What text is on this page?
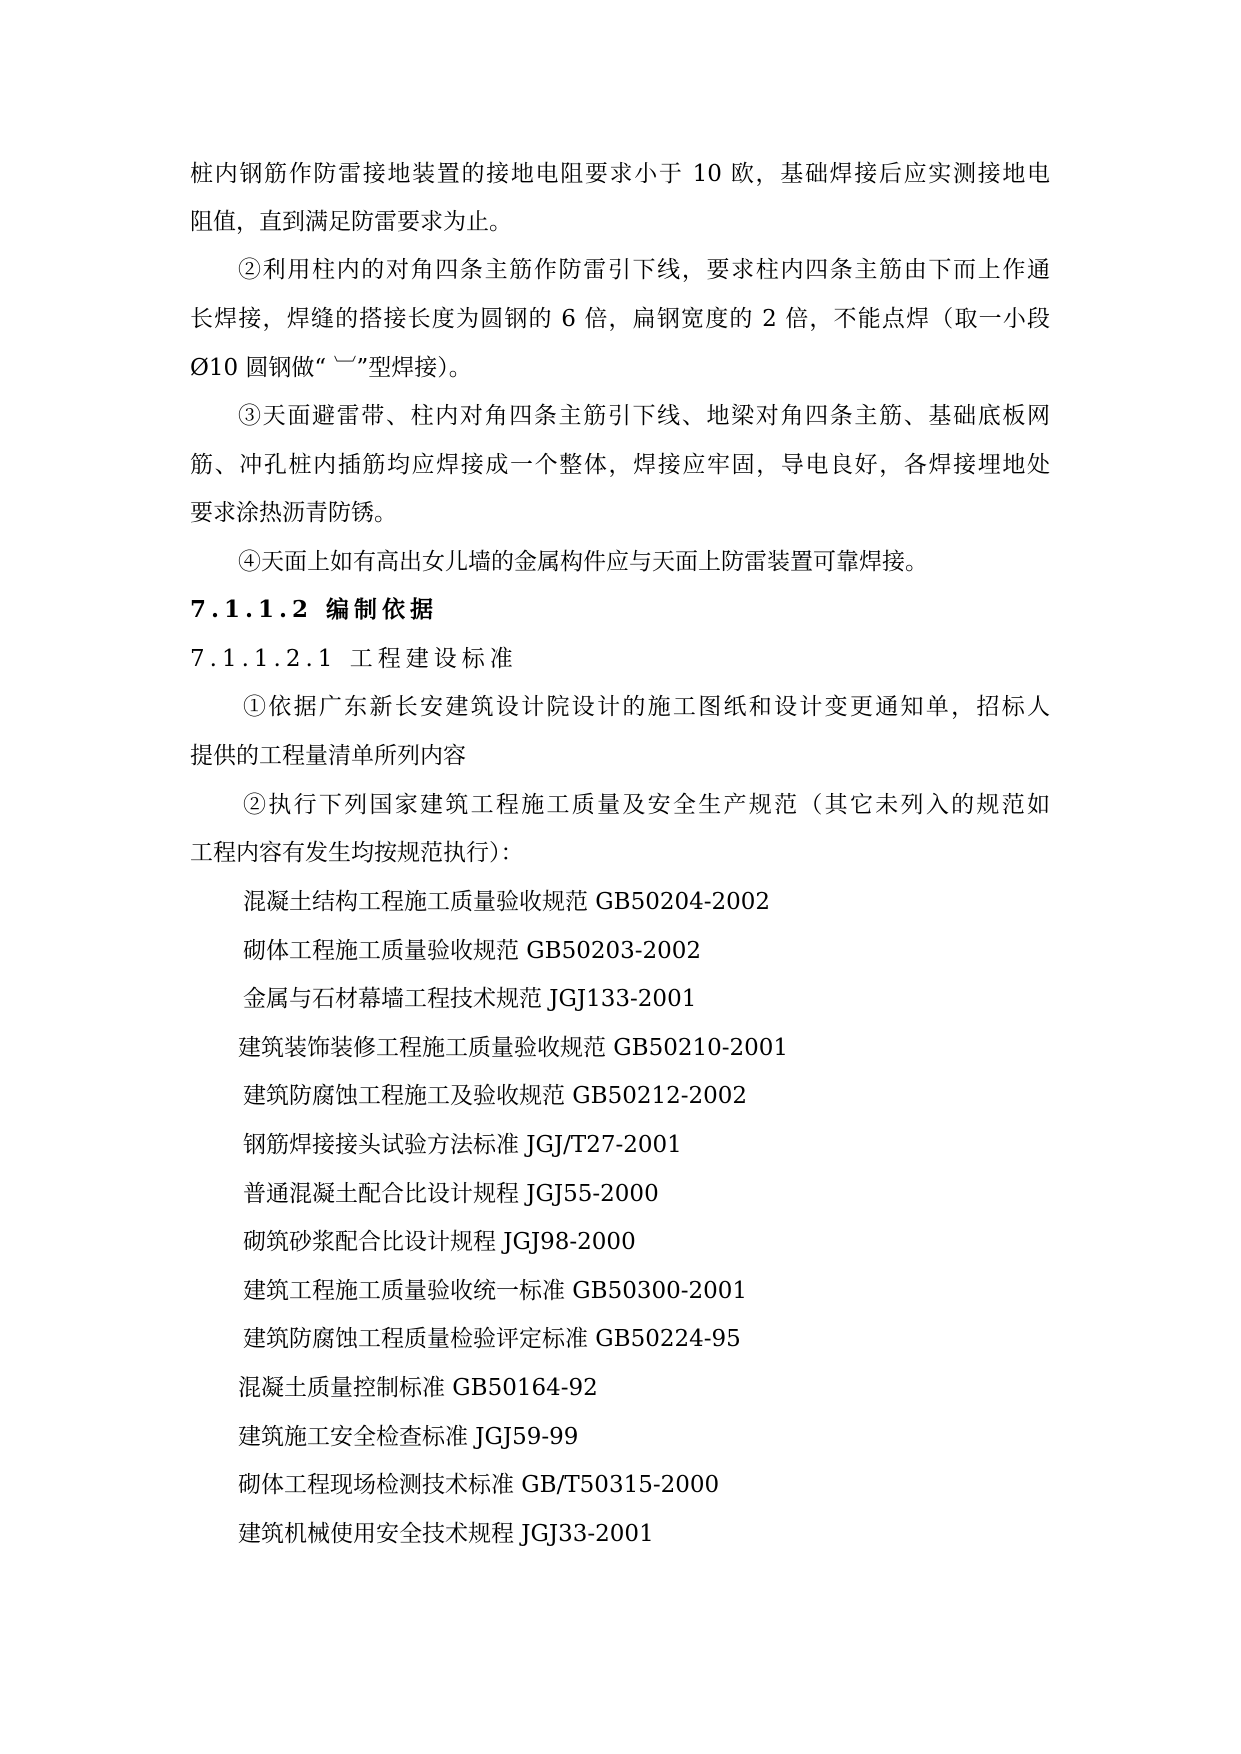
桩内钢筋作防雷接地装置的接地电阻要求小于 10 欧，基础焊接后应实测接地电
阻值，直到满足防雷要求为止。
②利用柱内的对角四条主筋作防雷引下线，要求柱内四条主筋由下而上作通
长焊接，焊缝的搭接长度为圆钢的 6 倍，扁钢宽度的 2 倍，不能点焊（取一小段
Ø10 圆钢做“ ︺”型焊接）。
③天面避雷带、柱内对角四条主筋引下线、地梁对角四条主筋、基础底板网
筋、冲孔桩内插筋均应焊接成一个整体，焊接应牢固，导电良好，各焊接埋地处
要求涂热沥青防锈。
④天面上如有高出女儿墙的金属构件应与天面上防雷装置可靠焊接。
7.1.1.2 编制依据
7.1.1.2.1 工程建设标准
①依据广东新长安建筑设计院设计的施工图纸和设计变更通知单，招标人
提供的工程量清单所列内容
②执行下列国家建筑工程施工质量及安全生产规范（其它未列入的规范如
工程内容有发生均按规范执行）：
混凝土结构工程施工质量验收规范 GB50204-2002
砌体工程施工质量验收规范 GB50203-2002
金属与石材幕墙工程技术规范 JGJ133-2001
建筑装饰装修工程施工质量验收规范 GB50210-2001
建筑防腐蚀工程施工及验收规范 GB50212-2002
钢筋焊接接头试验方法标准 JGJ/T27-2001
普通混凝土配合比设计规程 JGJ55-2000
砌筑砂浆配合比设计规程 JGJ98-2000
建筑工程施工质量验收统一标准 GB50300-2001
建筑防腐蚀工程质量检验评定标准 GB50224-95
混凝土质量控制标准 GB50164-92
建筑施工安全检查标准 JGJ59-99
砌体工程现场检测技术标准 GB/T50315-2000
建筑机械使用安全技术规程 JGJ33-2001
